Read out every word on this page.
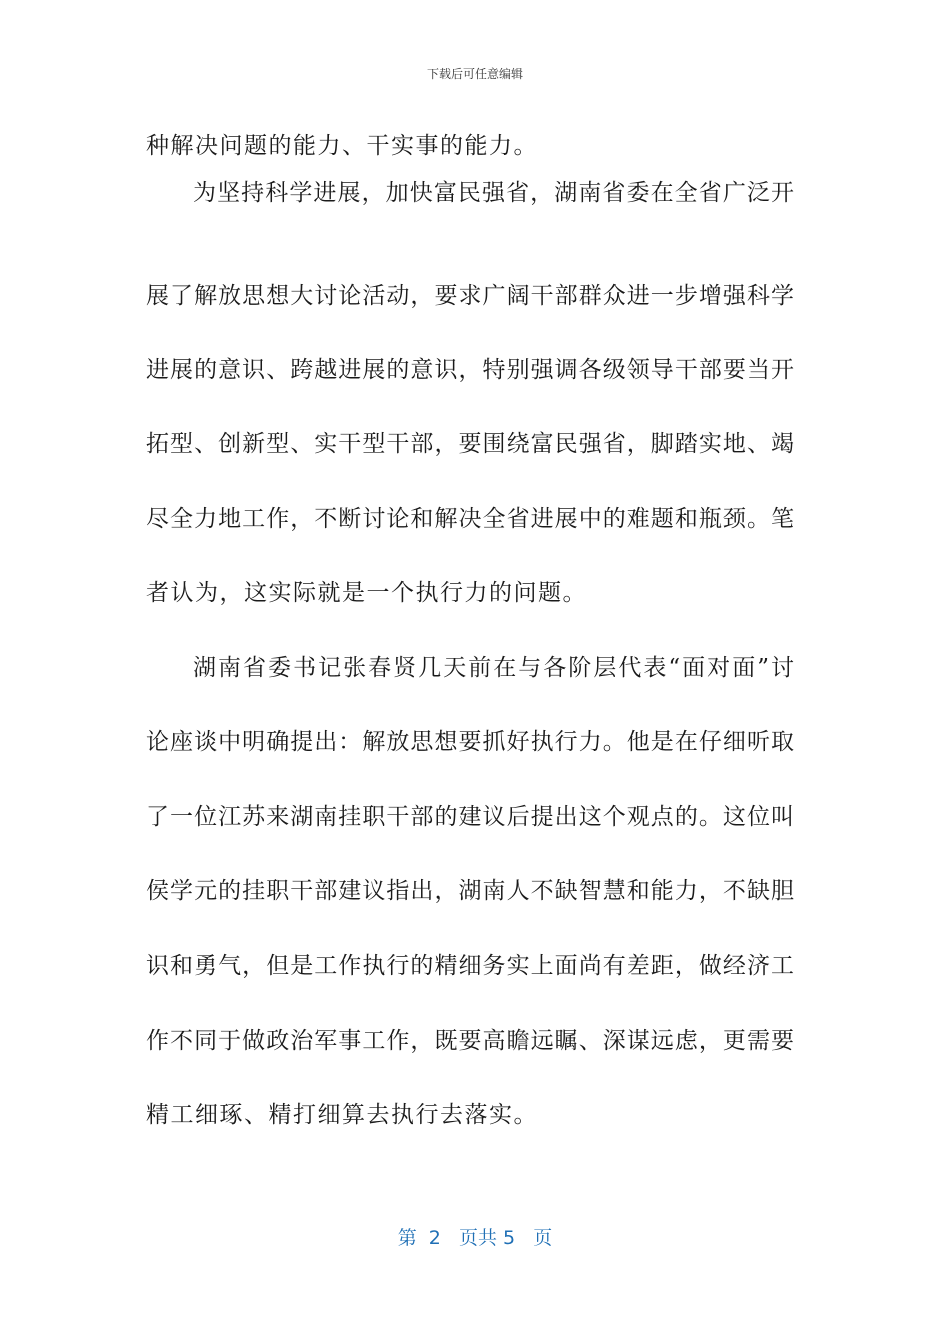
下载后可任意编辑
种解决问题的能力、干实事的能力。
为坚持科学进展，加快富民强省，湖南省委在全省广泛开
展了解放思想大讨论活动，要求广阔干部群众进一步增强科学
进展的意识、跨越进展的意识，特别强调各级领导干部要当开
拓型、创新型、实干型干部，要围绕富民强省，脚踏实地、竭
尽全力地工作，不断讨论和解决全省进展中的难题和瓶颈。笔
者认为，这实际就是一个执行力的问题。
湖南省委书记张春贤几天前在与各阶层代表“面对面”讨
论座谈中明确提出：解放思想要抓好执行力。他是在仔细听取
了一位江苏来湖南挂职干部的建议后提出这个观点的。这位叫
侯学元的挂职干部建议指出，湖南人不缺智慧和能力，不缺胆
识和勇气，但是工作执行的精细务实上面尚有差距，做经济工
作不同于做政治军事工作，既要高瞻远瞩、深谋远虑，更需要
精工细琢、精打细算去执行去落实。
第  2   页共 5   页
